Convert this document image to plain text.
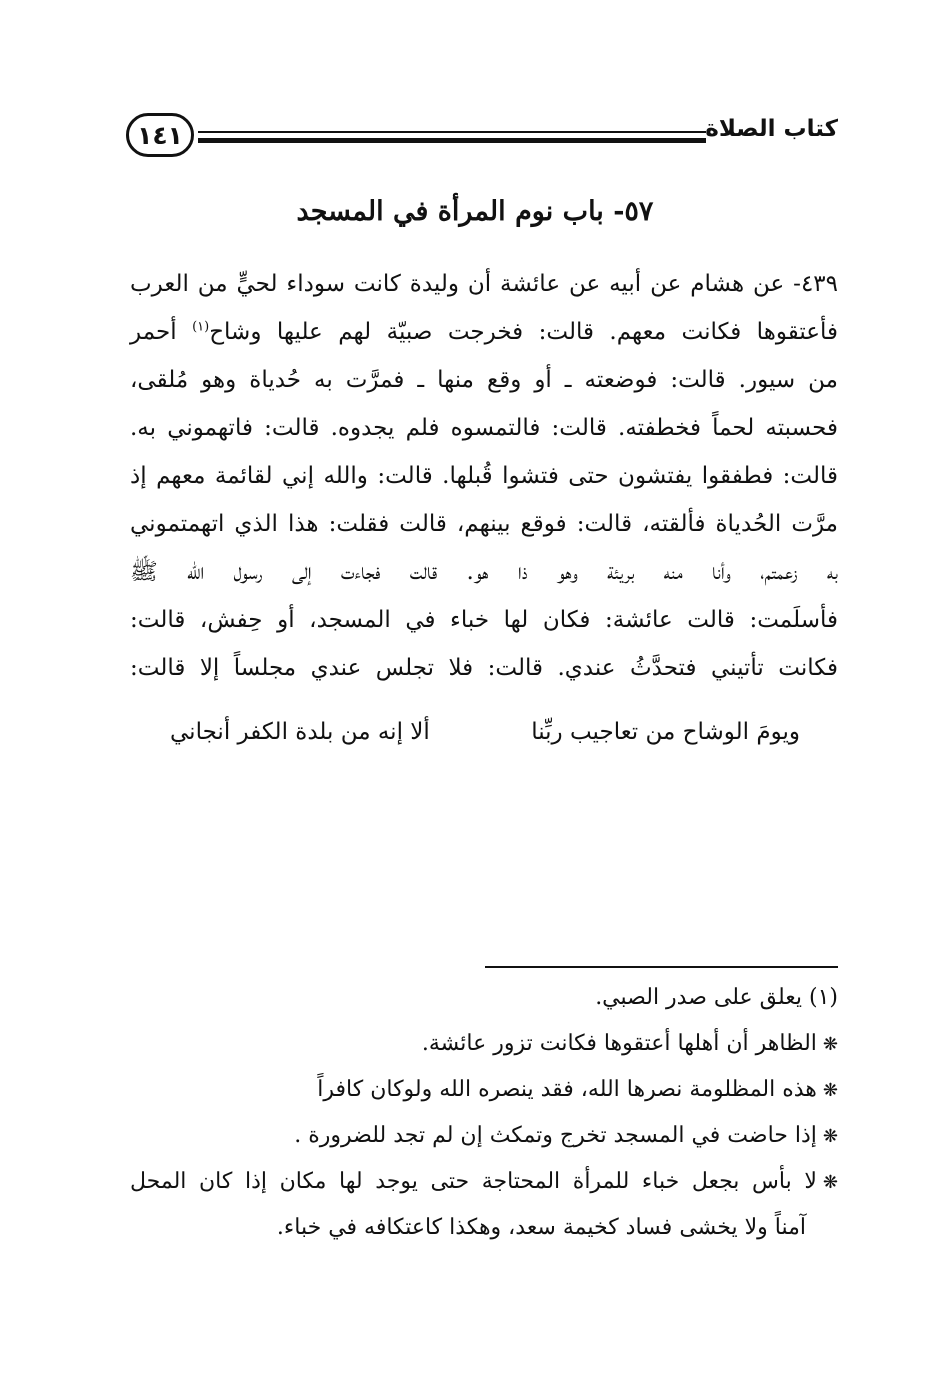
كتاب الصلاة
١٤١
٥٧- باب نوم المرأة في المسجد
٤٣٩- عن هشام عن أبيه عن عائشة أن وليدة كانت سوداء لحيٍّ من العرب
فأعتقوها فكانت معهم. قالت: فخرجت صبيّة لهم عليها وشاح$^{(١)}$ أحمر
من سيور. قالت: فوضعته ـ أو وقع منها ـ فمرَّت به حُدياة وهو مُلقى،
فحسبته لحماً فخطفته. قالت: فالتمسوه فلم يجدوه. قالت: فاتهموني به.
قالت: فطفقوا يفتشون حتى فتشوا قُبلها. قالت: والله إني لقائمة معهم إذ
مرَّت الحُدياة فألقته، قالت: فوقع بينهم، قالت فقلت: هذا الذي اتهمتموني
به زعمتم، وأنا منه بريئة وهو ذا هو. قالت فجاءت إلى رسول الله ﷺ
فأسلَمت: قالت عائشة: فكان لها خباء في المسجد، أو حِفش، قالت:
فكانت تأتيني فتحدَّثُ عندي. قالت: فلا تجلس عندي مجلساً إلا قالت:
ويومَ الوشاح من تعاجيب ربِّنا
ألا إنه من بلدة الكفر أنجاني
(١) يعلق على صدر الصبي.
❋الظاهر أن أهلها أعتقوها فكانت تزور عائشة.
❋هذه المظلومة نصرها الله، فقد ينصره الله ولوكان كافراً
❋إذا حاضت في المسجد تخرج وتمكث إن لم تجد للضرورة .
❋لا بأس بجعل خباء للمرأة المحتاجة حتى يوجد لها مكان إذا كان المحل
آمناً ولا يخشى فساد كخيمة سعد، وهكذا كاعتكافه في خباء.
